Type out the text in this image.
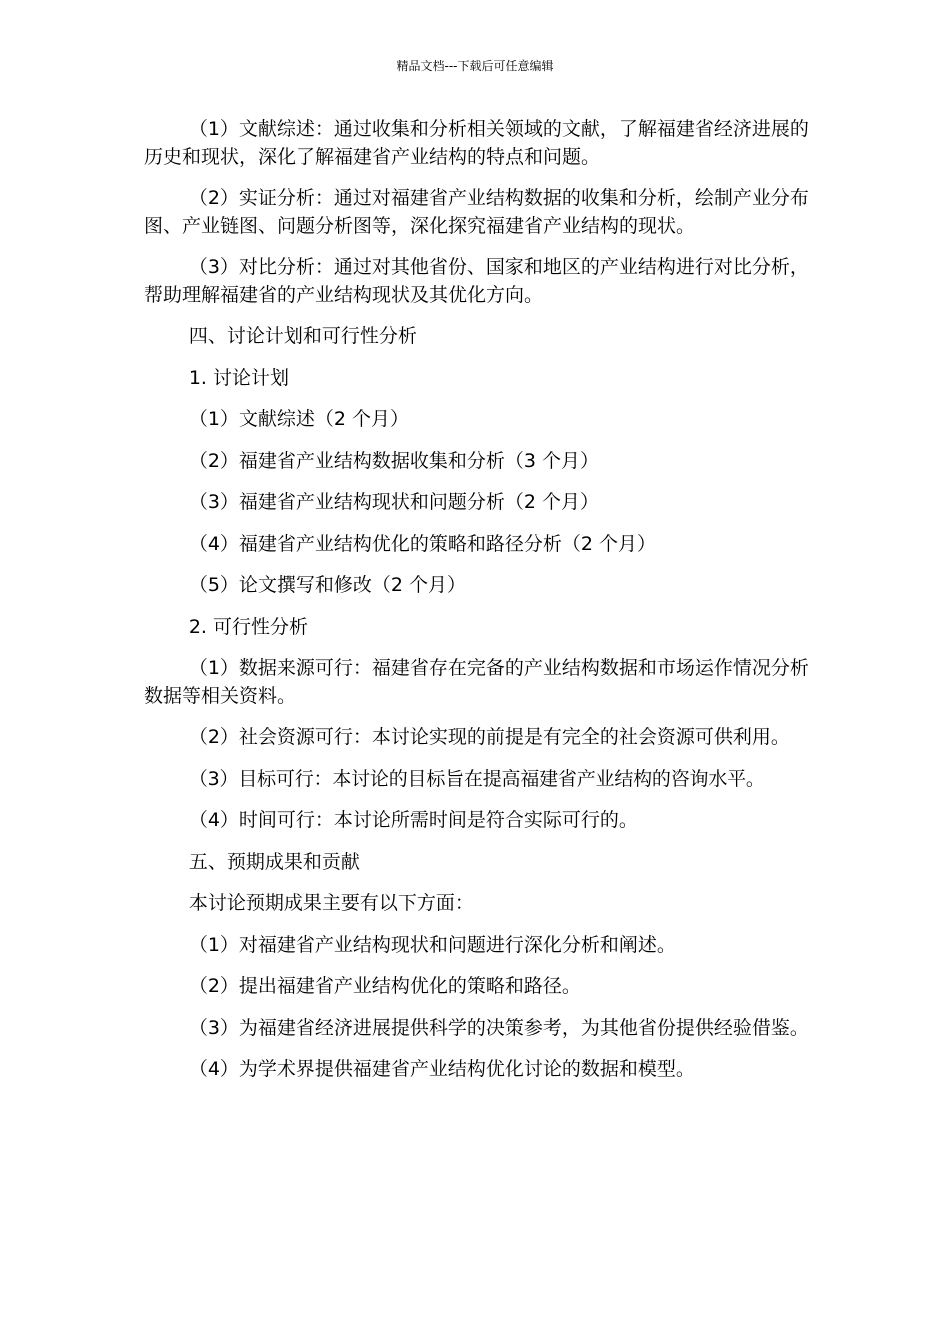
精品文档---下载后可任意编辑

（1）文献综述：通过收集和分析相关领域的文献，了解福建省经济进展的历史和现状，深化了解福建省产业结构的特点和问题。

（2）实证分析：通过对福建省产业结构数据的收集和分析，绘制产业分布图、产业链图、问题分析图等，深化探究福建省产业结构的现状。

（3）对比分析：通过对其他省份、国家和地区的产业结构进行对比分析，帮助理解福建省的产业结构现状及其优化方向。

四、讨论计划和可行性分析

1. 讨论计划

（1）文献综述（2 个月）

（2）福建省产业结构数据收集和分析（3 个月）

（3）福建省产业结构现状和问题分析（2 个月）

（4）福建省产业结构优化的策略和路径分析（2 个月）

（5）论文撰写和修改（2 个月）

2. 可行性分析

（1）数据来源可行：福建省存在完备的产业结构数据和市场运作情况分析数据等相关资料。

（2）社会资源可行：本讨论实现的前提是有完全的社会资源可供利用。

（3）目标可行：本讨论的目标旨在提高福建省产业结构的咨询水平。

（4）时间可行：本讨论所需时间是符合实际可行的。

五、预期成果和贡献

本讨论预期成果主要有以下方面：

（1）对福建省产业结构现状和问题进行深化分析和阐述。

（2）提出福建省产业结构优化的策略和路径。

（3）为福建省经济进展提供科学的决策参考，为其他省份提供经验借鉴。

（4）为学术界提供福建省产业结构优化讨论的数据和模型。
